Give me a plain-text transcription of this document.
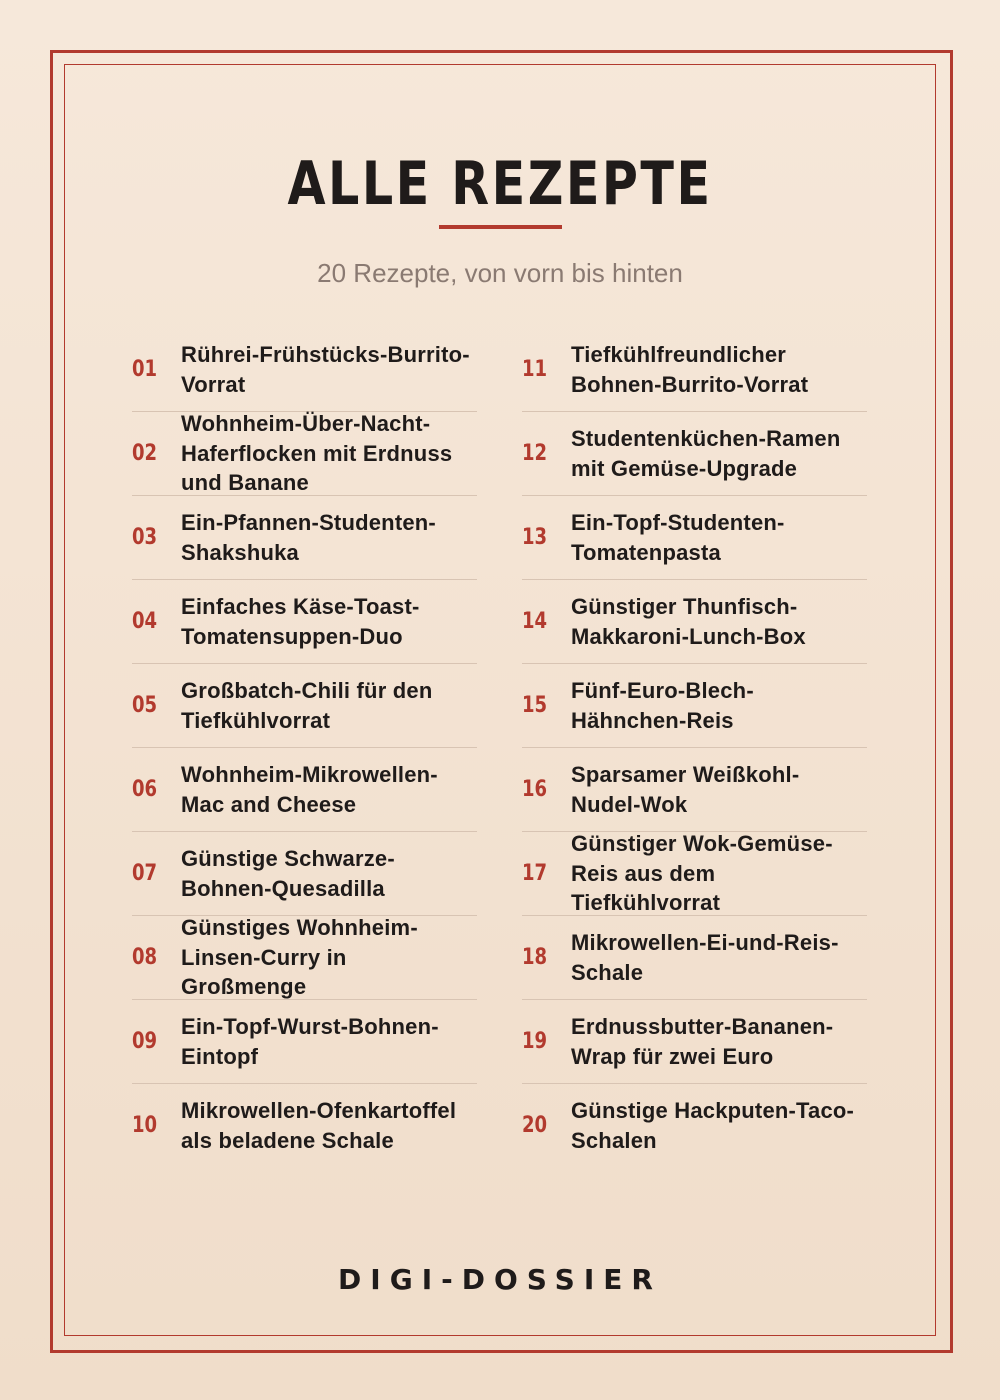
ALLE REZEPTE
20 Rezepte, von vorn bis hinten
01
Rührei-Frühstücks-Burrito-Vorrat
02
Wohnheim-Über-Nacht-Haferflocken mit Erdnuss und Banane
03
Ein-Pfannen-Studenten-Shakshuka
04
Einfaches Käse-Toast-Tomatensuppen-Duo
05
Großbatch-Chili für den Tiefkühlvorrat
06
Wohnheim-Mikrowellen-Mac and Cheese
07
Günstige Schwarze-Bohnen-Quesadilla
08
Günstiges Wohnheim-Linsen-Curry in Großmenge
09
Ein-Topf-Wurst-Bohnen-Eintopf
10
Mikrowellen-Ofenkartoffel als beladene Schale
11
Tiefkühlfreundlicher Bohnen-Burrito-Vorrat
12
Studentenküchen-Ramen mit Gemüse-Upgrade
13
Ein-Topf-Studenten-Tomatenpasta
14
Günstiger Thunfisch-Makkaroni-Lunch-Box
15
Fünf-Euro-Blech-Hähnchen-Reis
16
Sparsamer Weißkohl-Nudel-Wok
17
Günstiger Wok-Gemüse-Reis aus dem Tiefkühlvorrat
18
Mikrowellen-Ei-und-Reis-Schale
19
Erdnussbutter-Bananen-Wrap für zwei Euro
20
Günstige Hackputen-Taco-Schalen
DIGI-DOSSIER
